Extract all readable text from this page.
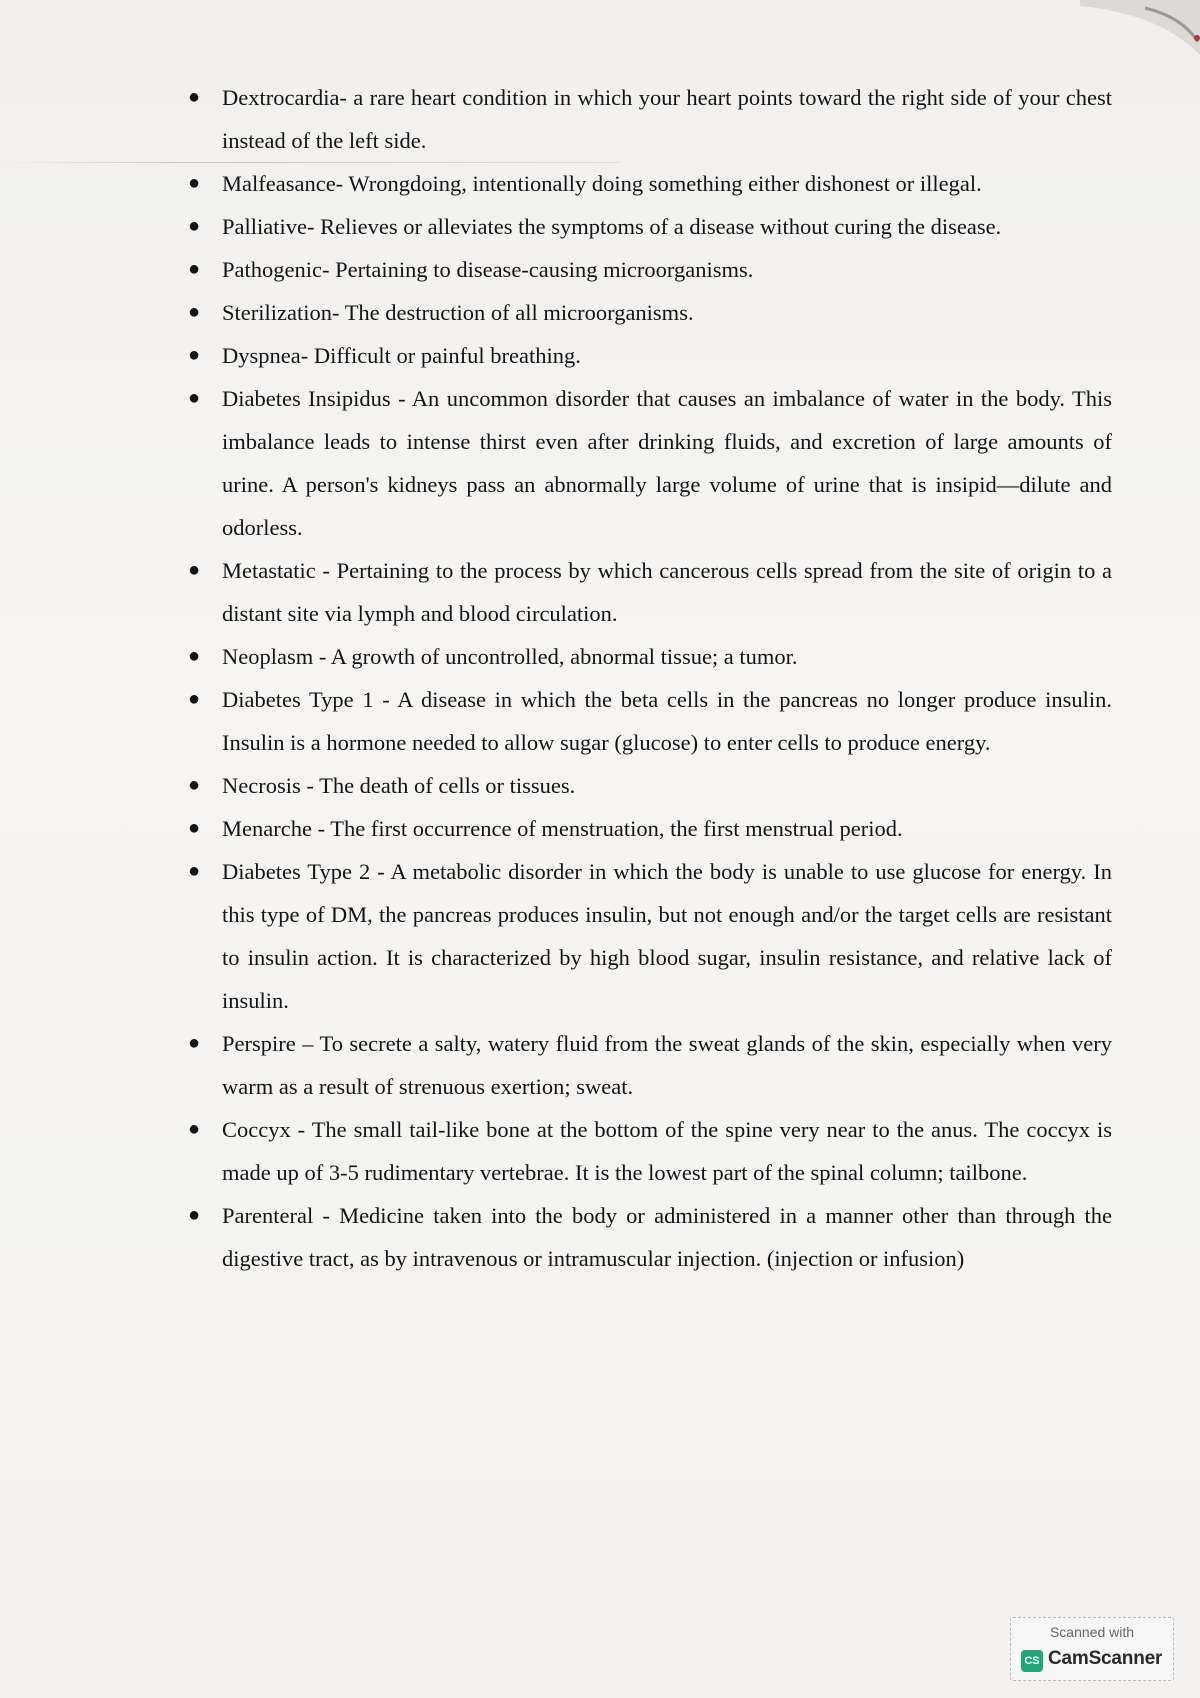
● Dextrocardia- a rare heart condition in which your heart points toward the right side of your chest instead of the left side.
● Malfeasance- Wrongdoing, intentionally doing something either dishonest or illegal.
● Palliative- Relieves or alleviates the symptoms of a disease without curing the disease.
● Pathogenic- Pertaining to disease-causing microorganisms.
● Sterilization- The destruction of all microorganisms.
● Dyspnea- Difficult or painful breathing.
● Diabetes Insipidus - An uncommon disorder that causes an imbalance of water in the body. This imbalance leads to intense thirst even after drinking fluids, and excretion of large amounts of urine. A person's kidneys pass an abnormally large volume of urine that is insipid—dilute and odorless.
● Metastatic - Pertaining to the process by which cancerous cells spread from the site of origin to a distant site via lymph and blood circulation.
● Neoplasm - A growth of uncontrolled, abnormal tissue; a tumor.
● Diabetes Type 1 - A disease in which the beta cells in the pancreas no longer produce insulin. Insulin is a hormone needed to allow sugar (glucose) to enter cells to produce energy.
● Necrosis - The death of cells or tissues.
● Menarche - The first occurrence of menstruation, the first menstrual period.
● Diabetes Type 2 - A metabolic disorder in which the body is unable to use glucose for energy. In this type of DM, the pancreas produces insulin, but not enough and/or the target cells are resistant to insulin action. It is characterized by high blood sugar, insulin resistance, and relative lack of insulin.
● Perspire – To secrete a salty, watery fluid from the sweat glands of the skin, especially when very warm as a result of strenuous exertion; sweat.
● Coccyx - The small tail-like bone at the bottom of the spine very near to the anus. The coccyx is made up of 3-5 rudimentary vertebrae. It is the lowest part of the spinal column; tailbone.
● Parenteral - Medicine taken into the body or administered in a manner other than through the digestive tract, as by intravenous or intramuscular injection. (injection or infusion)
Scanned with
CS CamScanner
